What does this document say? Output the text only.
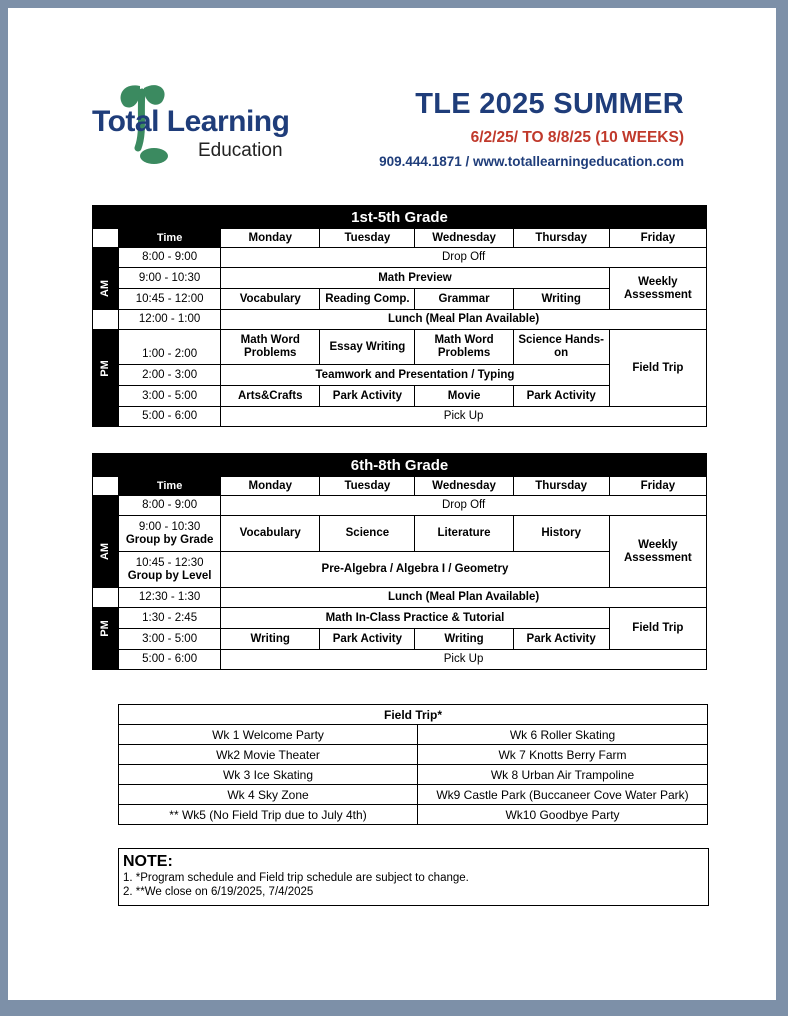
Total Learning
Education
TLE 2025 SUMMER
6/2/25/ TO 8/8/25 (10 WEEKS)
909.444.1871 / www.totallearningeducation.com
1st-5th Grade						
	Time	Monday	Tuesday	Wednesday	Thursday	Friday
	8:00 - 9:00	Drop Off				
AM	9:00 - 10:30	Math Preview				Weekly Assessment
	10:45 - 12:00	Vocabulary	Reading Comp.	Grammar	Writing	
	12:00 - 1:00	Lunch (Meal Plan Available)				
PM	1:00 - 2:00	Math Word Problems	Essay Writing	Math Word Problems	Science Hands-on	Field Trip
	2:00 - 3:00	Teamwork and Presentation / Typing				
	3:00 - 5:00	Arts&Crafts	Park Activity	Movie	Park Activity	
	5:00 - 6:00	Pick Up				
6th-8th Grade						
	Time	Monday	Tuesday	Wednesday	Thursday	Friday
	8:00 - 9:00	Drop Off				
AM	9:00 - 10:30
Group by Grade	Vocabulary	Science	Literature	History	Weekly Assessment

	10:45 - 12:30
Group by Level	Pre-Algebra / Algebra I / Geometry				
	12:30 - 1:30	Lunch (Meal Plan Available)				
PM	1:30 - 2:45	Math In-Class Practice & Tutorial				Field Trip
	3:00 - 5:00	Writing	Park Activity	Writing	Park Activity	
	5:00 - 6:00	Pick Up				
Field Trip*	
Wk 1 Welcome Party	Wk 6 Roller Skating
Wk2 Movie Theater	Wk 7 Knotts Berry Farm
Wk 3 Ice Skating	Wk 8 Urban Air Trampoline
Wk 4 Sky Zone	Wk9 Castle Park (Buccaneer Cove Water Park)
** Wk5 (No Field Trip due to July 4th)	Wk10 Goodbye Party
NOTE:
1. *Program schedule and Field trip schedule are subject to change.
2. **We close on 6/19/2025, 7/4/2025
